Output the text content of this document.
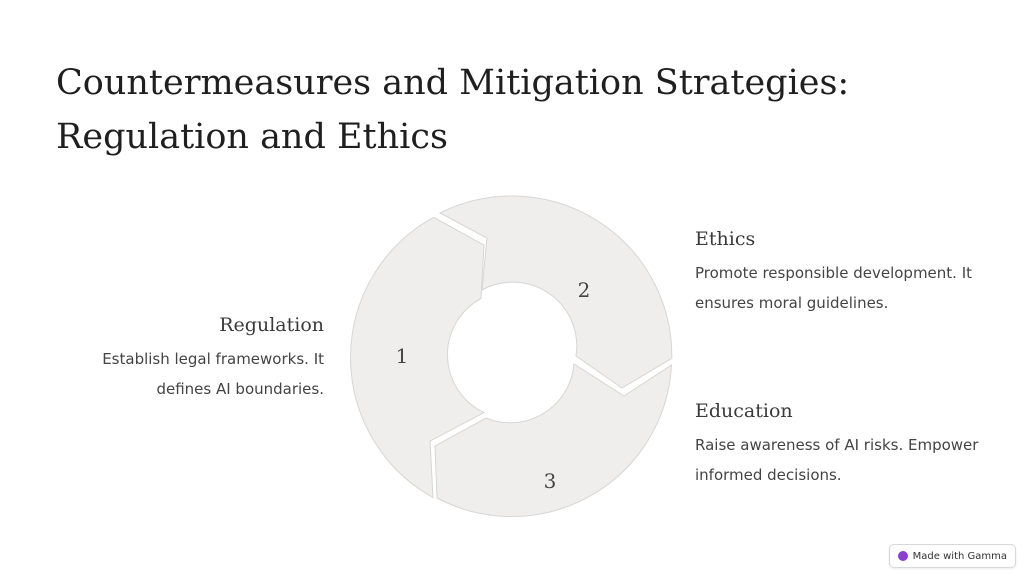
Countermeasures and Mitigation Strategies: Regulation and Ethics
Regulation

Establish legal frameworks. It defines AI boundaries.

Ethics

Promote responsible development. It ensures moral guidelines.

Education

Raise awareness of AI risks. Empower informed decisions.

1
2
3
Made with Gamma
